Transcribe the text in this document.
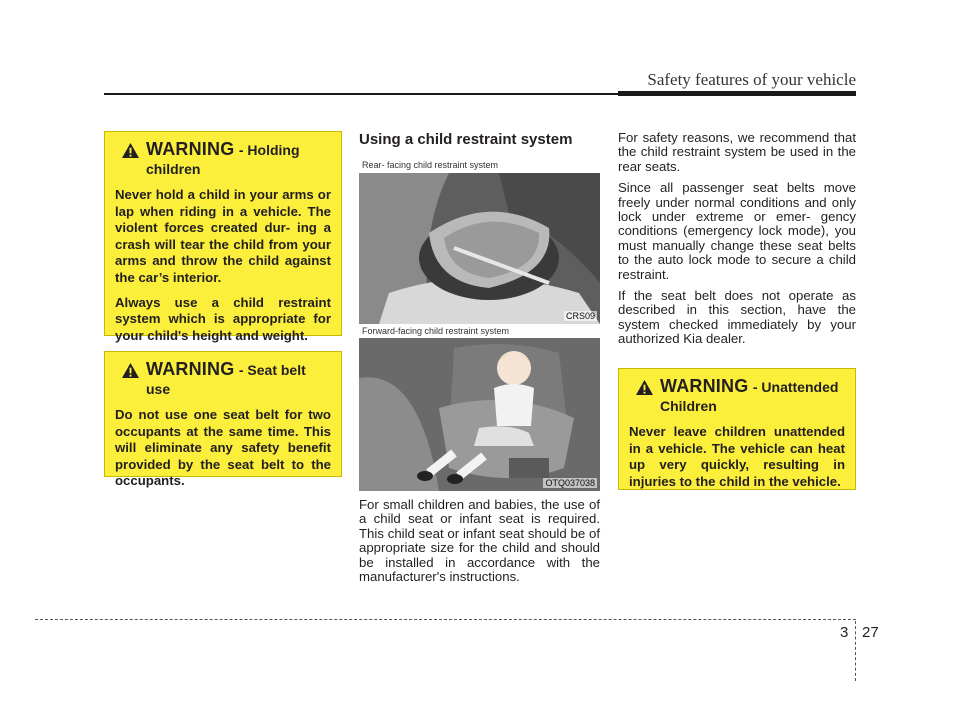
Safety features of your vehicle
WARNING - Holding children

Never hold a child in your arms or lap when riding in a vehicle. The violent forces created dur- ing a crash will tear the child from your arms and throw the child against the car’s interior.

Always use a child restraint system which is appropriate for your child's height and weight.

WARNING - Seat belt use

Do not use one seat belt for two occupants at the same time. This will eliminate any safety benefit provided by the seat belt to the occupants.

Using a child restraint system
Rear- facing child restraint system
CRS09
Forward-facing child restraint system
OTQ037038

For small children and babies, the use of a child seat or infant seat is required. This child seat or infant seat should be of appropriate size for the child and should be installed in accordance with the manufacturer's instructions.

For safety reasons, we recommend that the child restraint system be used in the rear seats.

Since all passenger seat belts move freely under normal conditions and only lock under extreme or emer- gency conditions (emergency lock mode), you must manually change these seat belts to the auto lock mode to secure a child restraint.

If the seat belt does not operate as described in this section, have the system checked immediately by your authorized Kia dealer.

WARNING - Unattended Children

Never leave children unattended in a vehicle. The vehicle can heat up very quickly, resulting in injuries to the child in the vehicle.

3 27
